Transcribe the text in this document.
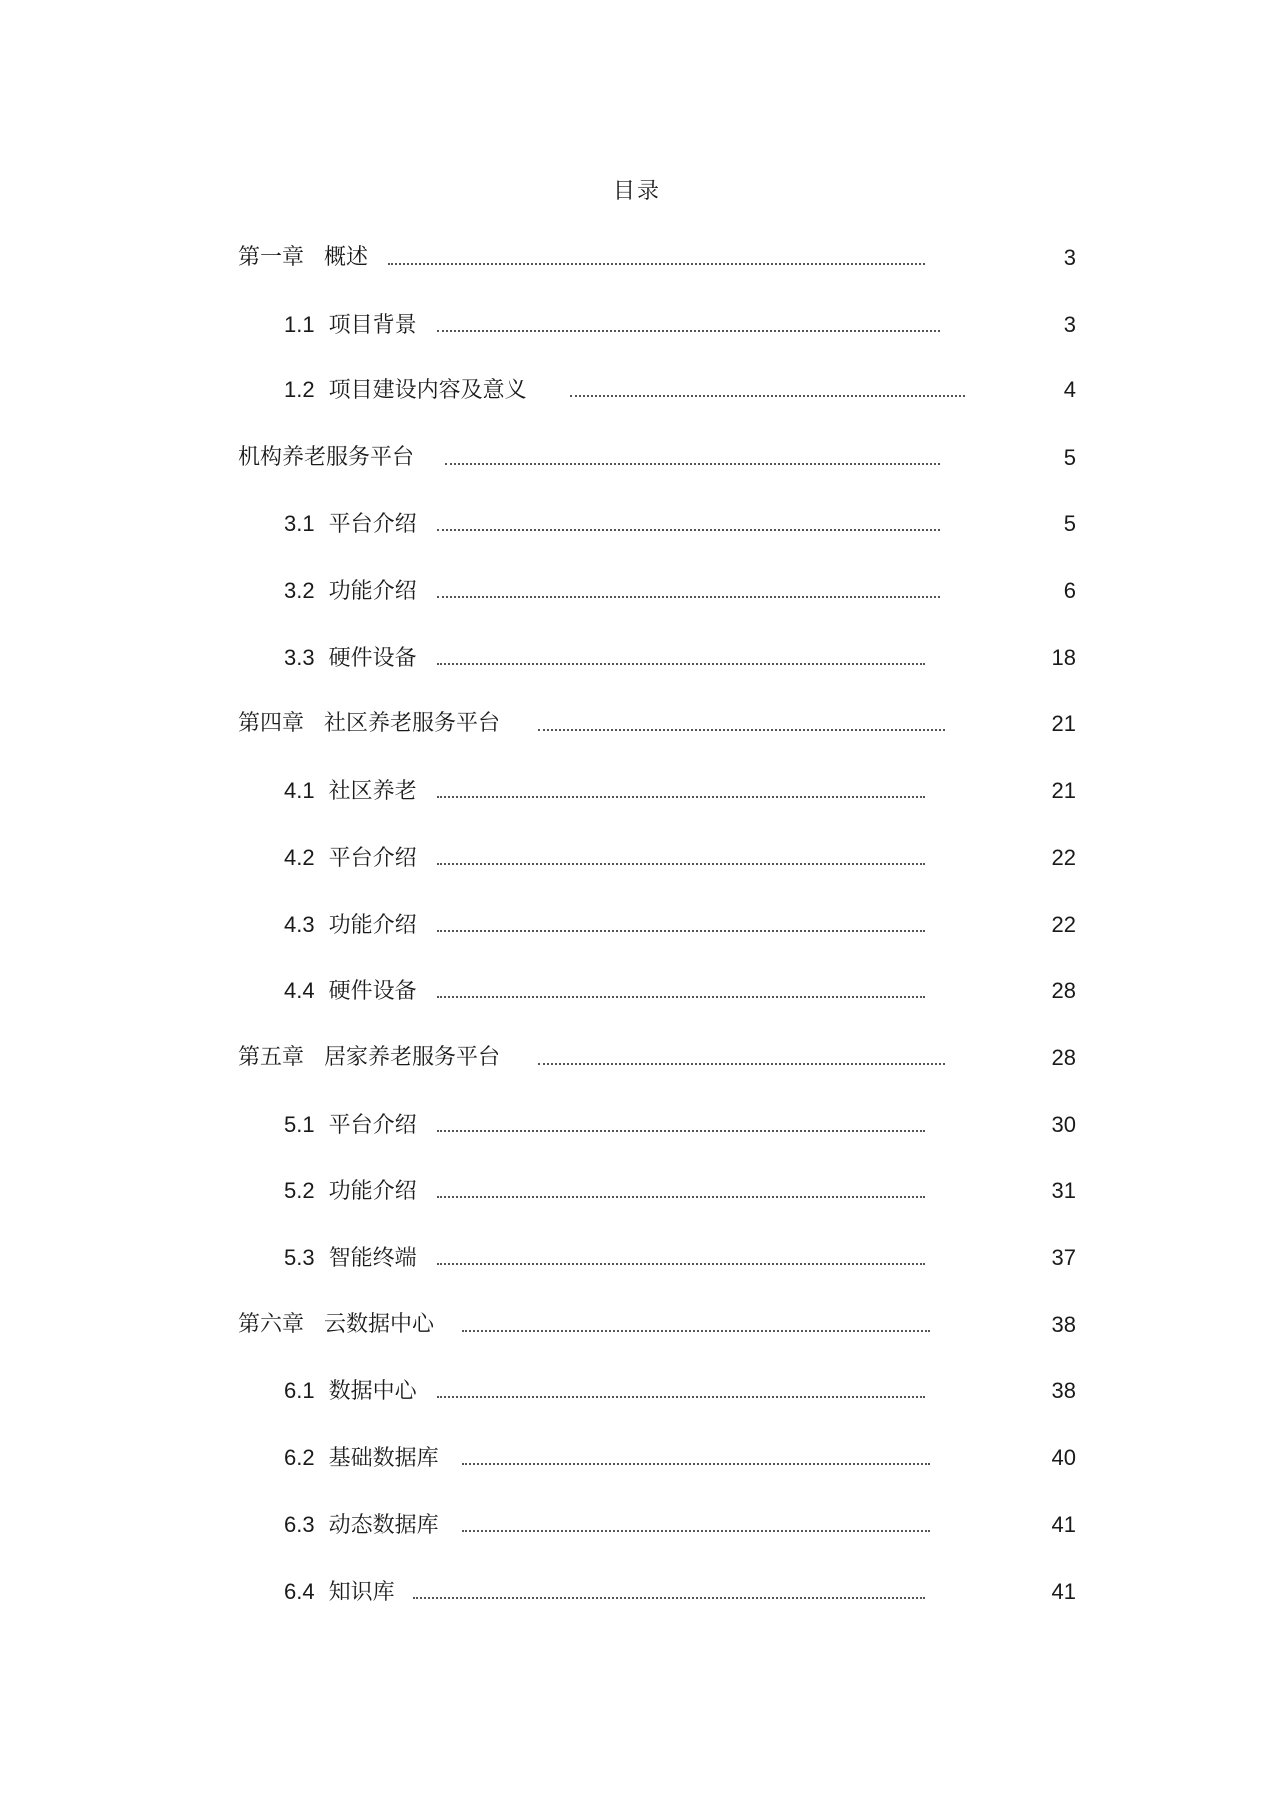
目录
第一章 概述	3
1.1 项目背景	3
1.2 项目建设内容及意义	4
机构养老服务平台	5
3.1 平台介绍	5
3.2 功能介绍	6
3.3 硬件设备	18
第四章 社区养老服务平台	21
4.1 社区养老	21
4.2 平台介绍	22
4.3 功能介绍	22
4.4 硬件设备	28
第五章 居家养老服务平台	28
5.1 平台介绍	30
5.2 功能介绍	31
5.3 智能终端	37
第六章 云数据中心	38
6.1 数据中心	38
6.2 基础数据库	40
6.3 动态数据库	41
6.4 知识库	41
